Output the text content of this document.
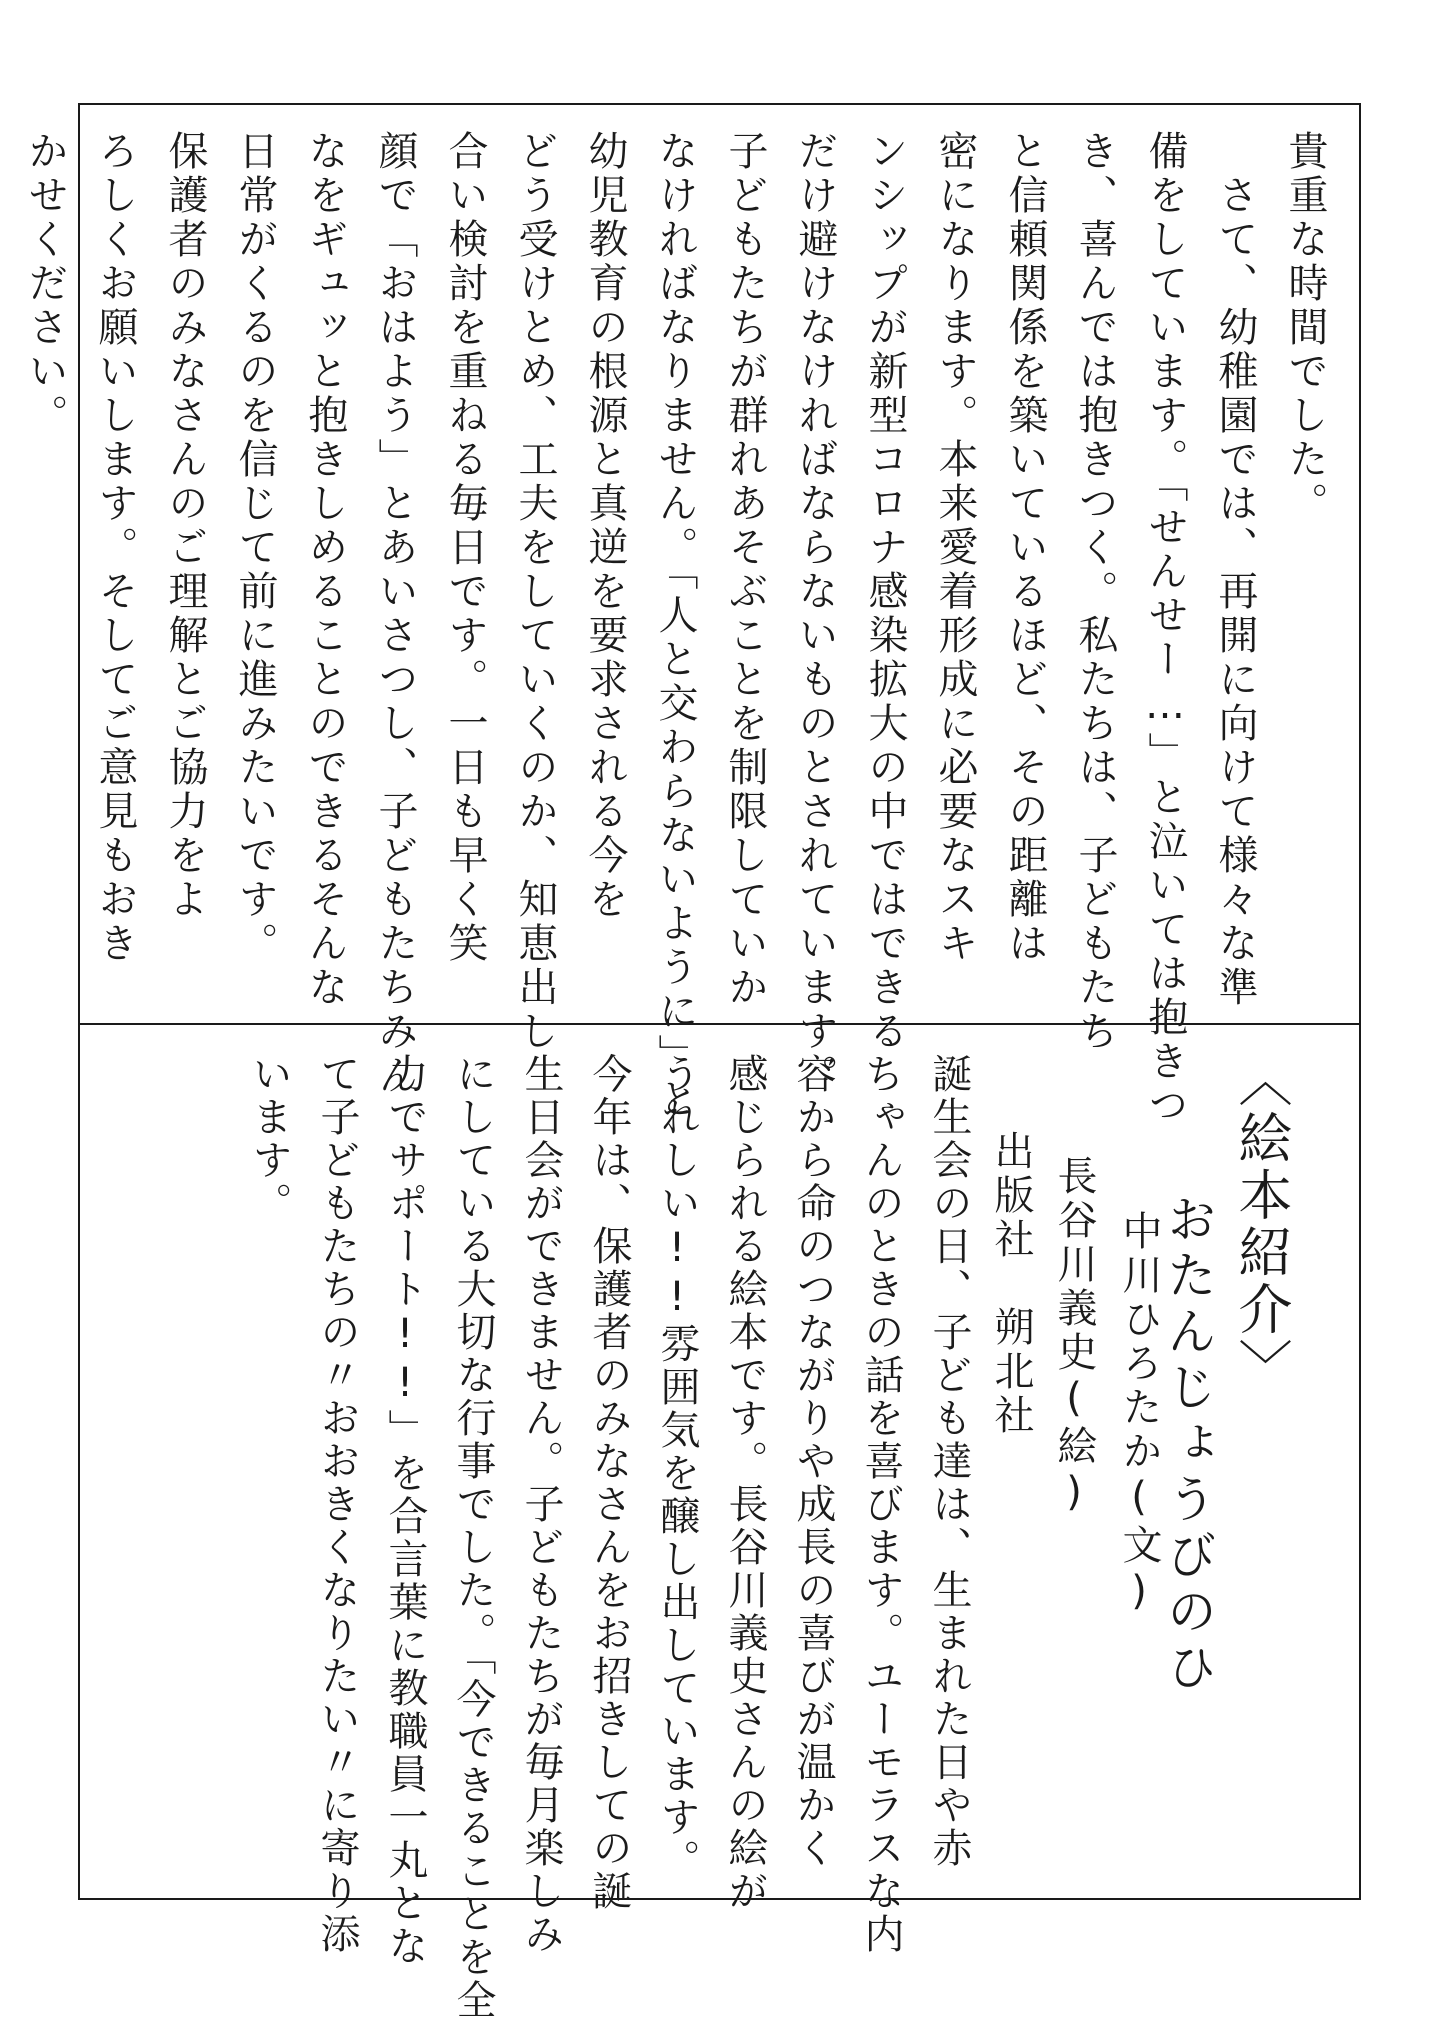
貴重な時間でした。
　さて、幼稚園では、再開に向けて様々な準
備をしています。「せんせー…」と泣いては抱きつ
き、喜んでは抱きつく。私たちは、子どもたち
と信頼関係を築いているほど、その距離は
密になります。本来愛着形成に必要なスキ
ンシップが新型コロナ感染拡大の中ではできる
だけ避けなければならないものとされています。
子どもたちが群れあそぶことを制限していか
なければなりません。「人と交わらないように」と
幼児教育の根源と真逆を要求される今を
どう受けとめ、工夫をしていくのか、知恵出し
合い検討を重ねる毎日です。一日も早く笑
顔で「おはよう」とあいさつし、子どもたちみん
なをギュッと抱きしめることのできるそんな
日常がくるのを信じて前に進みたいです。
保護者のみなさんのご理解とご協力をよ
ろしくお願いします。そしてご意見もおき
かせください。
〈絵本紹介〉
おたんじょうびのひ
中川ひろたか(文)
長谷川義史(絵)
出版社　朔北社
誕生会の日、子ども達は、生まれた日や赤
ちゃんのときの話を喜びます。ユーモラスな内
容から命のつながりや成長の喜びが温かく
感じられる絵本です。長谷川義史さんの絵が
うれしい!!雰囲気を醸し出しています。
今年は、保護者のみなさんをお招きしての誕
生日会ができません。子どもたちが毎月楽しみ
にしている大切な行事でした。「今できることを全
力でサポート!!」を合言葉に教職員一丸とな
て子どもたちの〃おおきくなりたい〃に寄り添
います。
